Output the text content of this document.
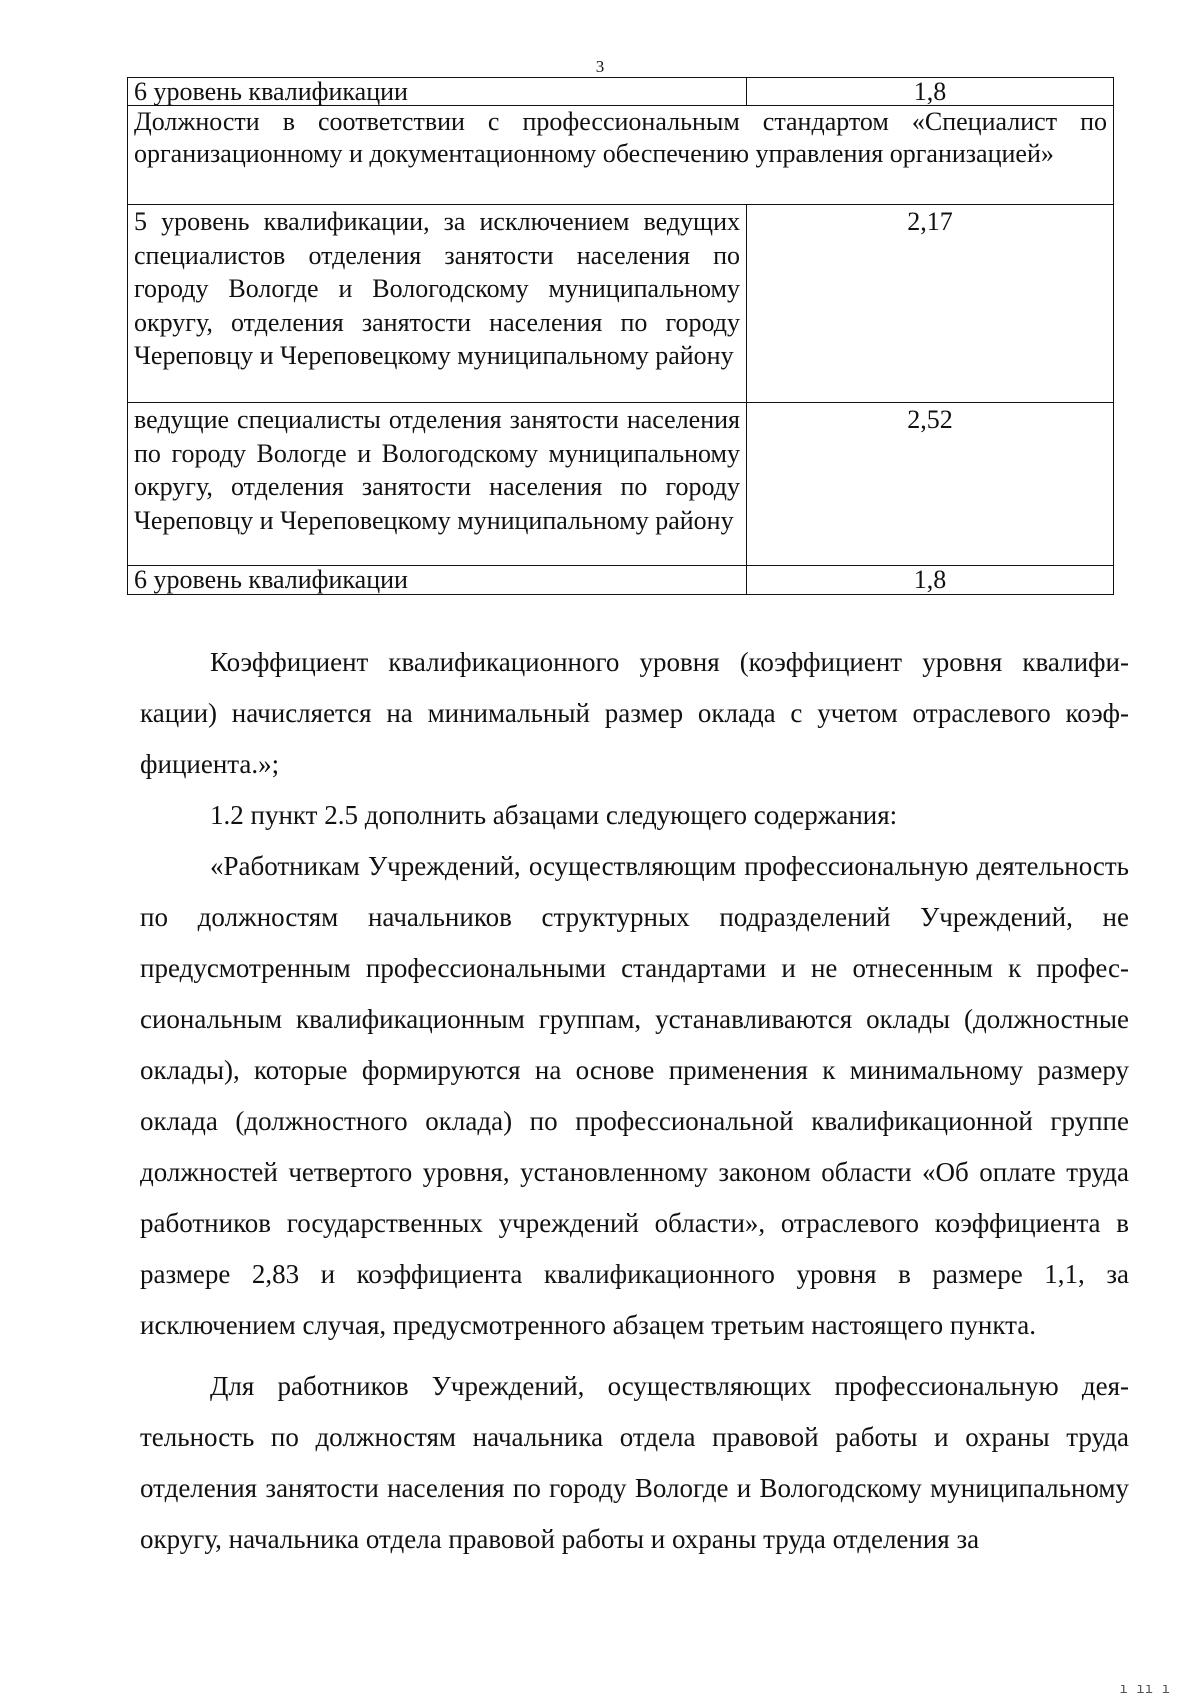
3
6 уровень квалификации	1,8
Должности в соответствии с профессиональным стандартом «Специалист по организационному и документационному обеспечению управления организацией»	
5 уровень квалификации, за исключением ведущих специалистов отделения занятости населения по городу Вологде и Вологодскому муниципальному округу, отделения занятости населения по городу Череповцу и Череповецкому муниципальному району	2,17
ведущие специалисты отделения занятости населения по городу Вологде и Вологодскому муниципальному округу, отделения занятости населения по городу Череповцу и Череповецкому муниципальному району	2,52
6 уровень квалификации	1,8

Коэффициент квалификационного уровня (коэффициент уровня квалификации) начисляется на минимальный размер оклада с учетом отраслевого коэффициента.»;

1.2 пункт 2.5 дополнить абзацами следующего содержания:

«Работникам Учреждений, осуществляющим профессиональную деятельность по должностям начальников структурных подразделений Учреждений, не предусмотренным профессиональными стандартами и не отнесенным к профессиональным квалификационным группам, устанавливаются оклады (должностные оклады), которые формируются на основе применения к минимальному размеру оклада (должностного оклада) по профессиональной квалификационной группе должностей четвертого уровня, установленному законом области «Об оплате труда работников государственных учреждений области», отраслевого коэффициента в размере 2,83 и коэффициента квалификационного уровня в размере 1,1, за исключением случая, предусмотренного абзацем третьим настоящего пункта.

Для работников Учреждений, осуществляющих профессиональную деятельность по должностям начальника отдела правовой работы и охраны труда отделения занятости населения по городу Вологде и Вологодскому муниципальному округу, начальника отдела правовой работы и охраны труда отделения за

ı ıı ı
